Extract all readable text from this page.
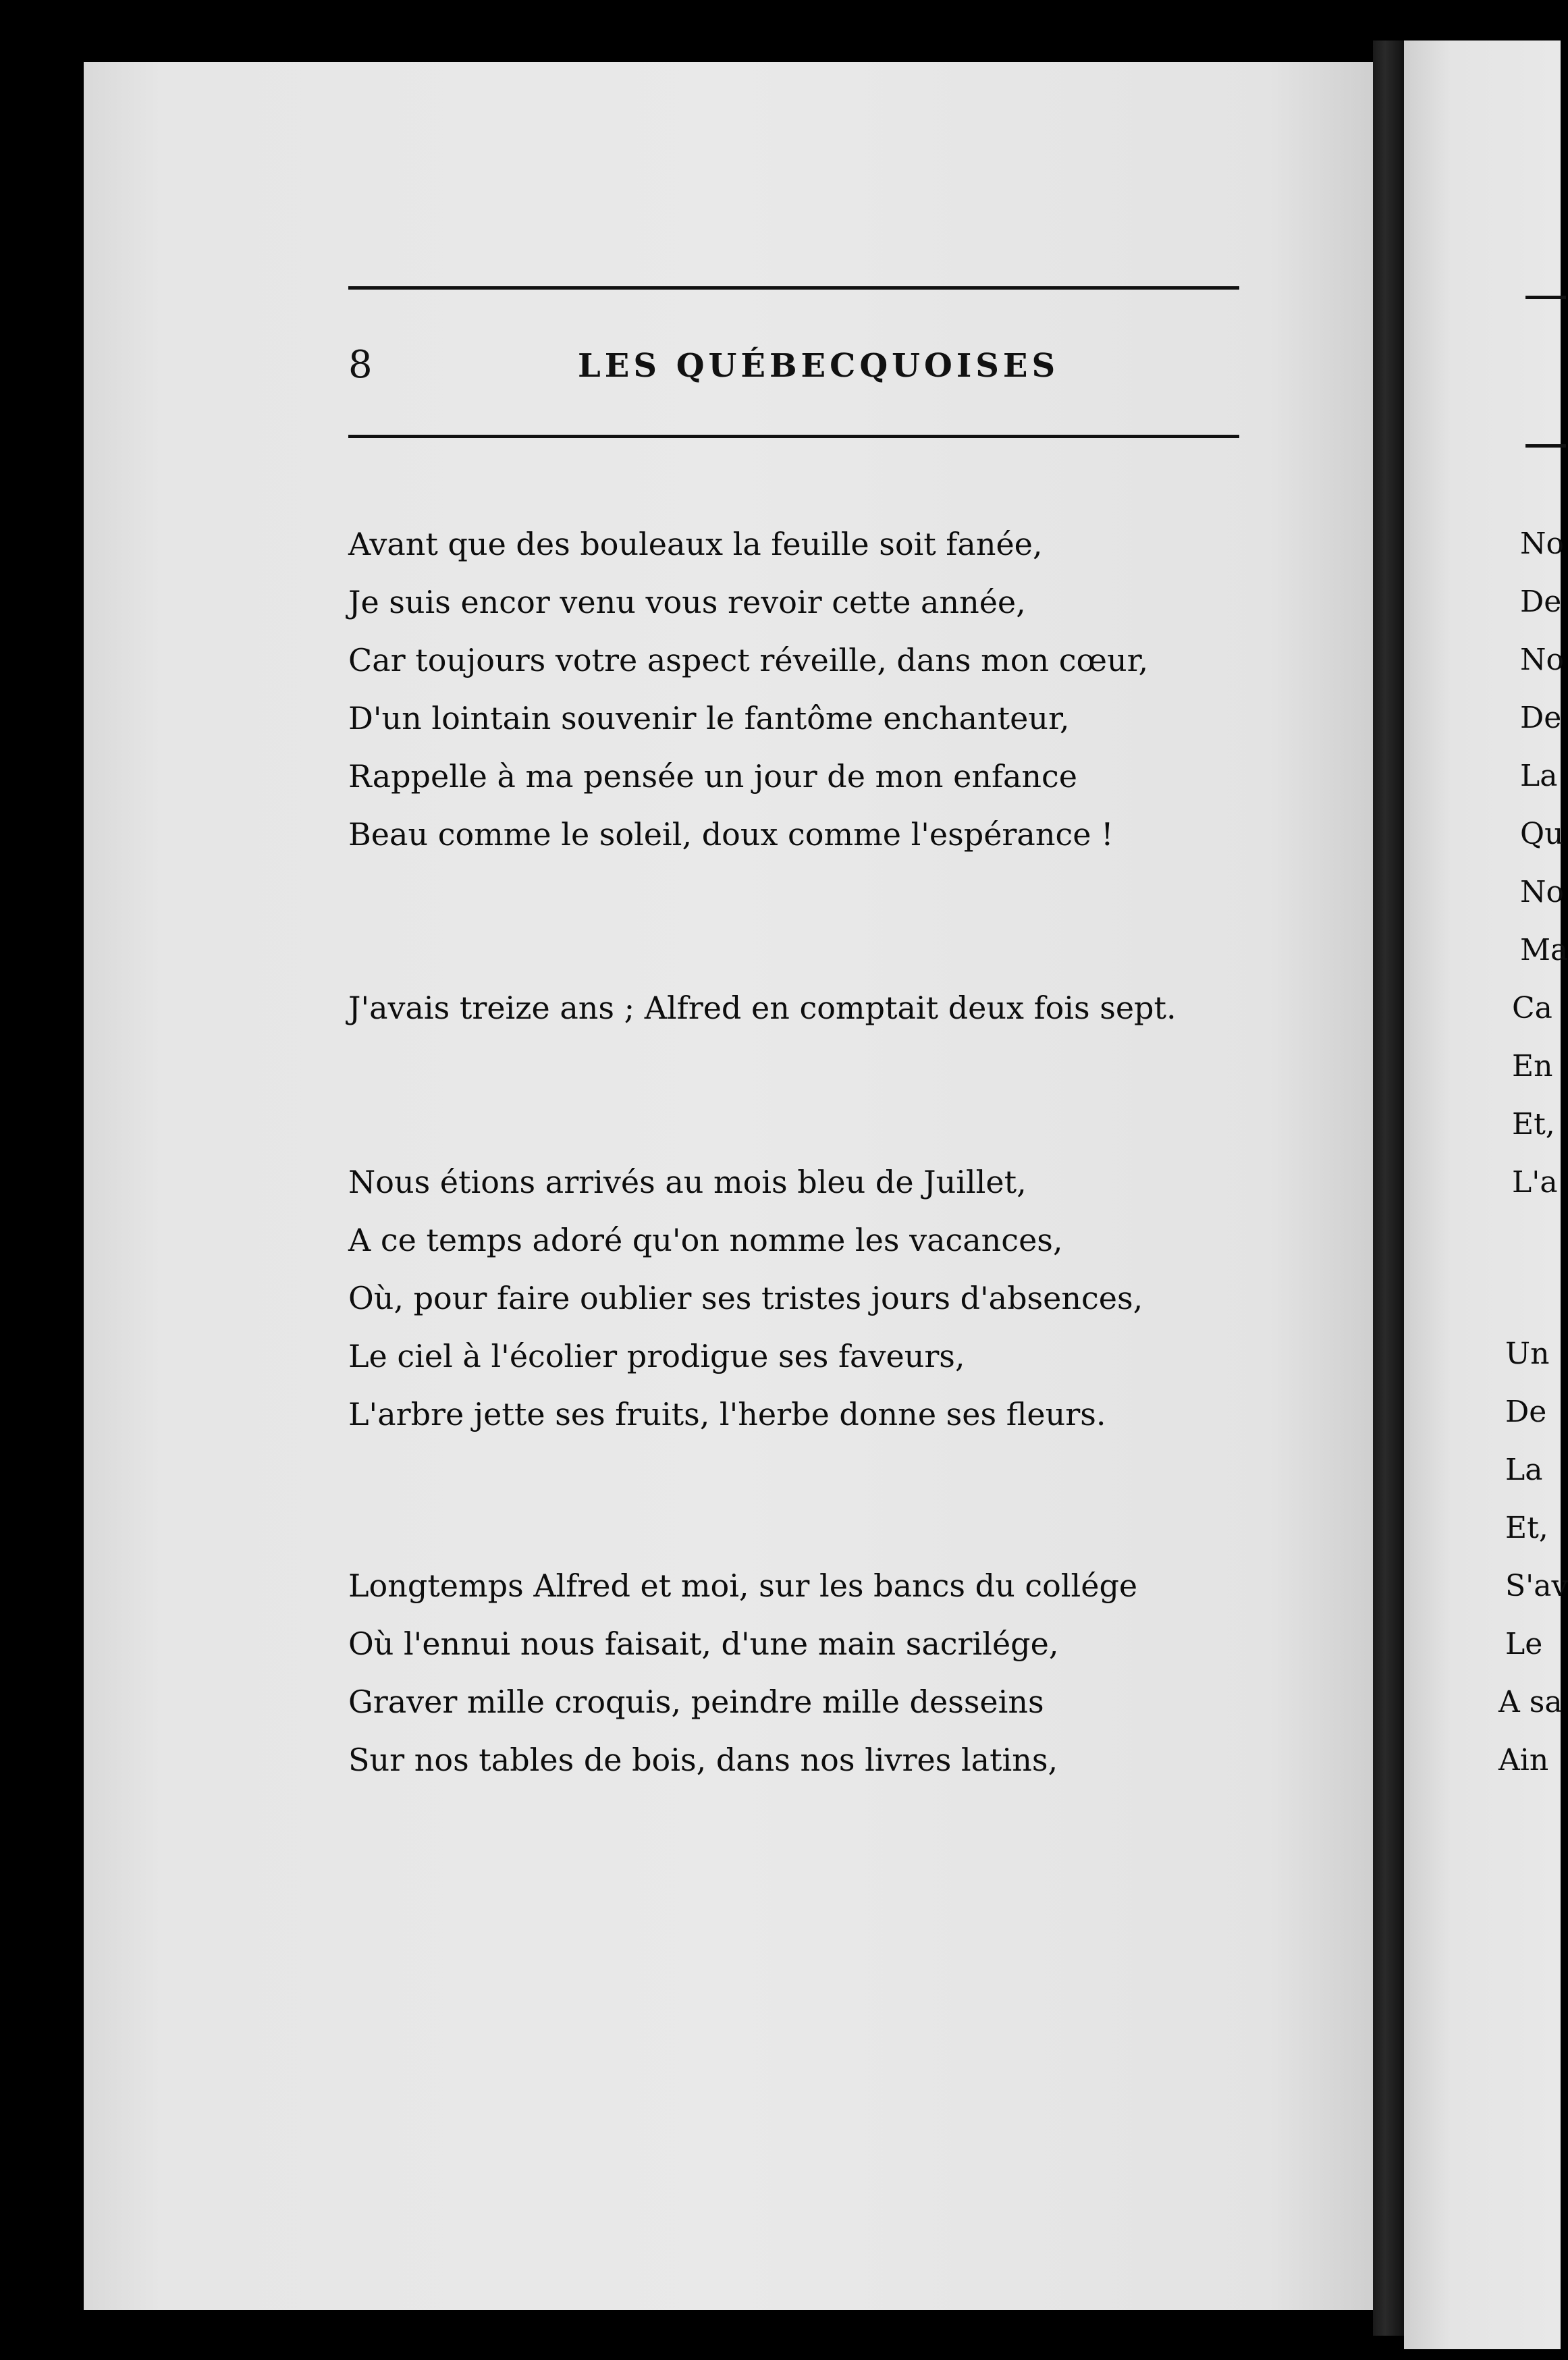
8	LES QUÉBECQUOISES
Avant que des bouleaux la feuille soit fanée,
Je suis encor venu vous revoir cette année,
Car toujours votre aspect réveille, dans mon cœur,
D'un lointain souvenir le fantôme enchanteur,
Rappelle à ma pensée un jour de mon enfance
Beau comme le soleil, doux comme l'espérance !
J'avais treize ans ; Alfred en comptait deux fois sept.
Nous étions arrivés au mois bleu de Juillet,
A ce temps adoré qu'on nomme les vacances,
Où, pour faire oublier ses tristes jours d'absences,
Le ciel à l'écolier prodigue ses faveurs,
L'arbre jette ses fruits, l'herbe donne ses fleurs.
Longtemps Alfred et moi, sur les bancs du collége
Où l'ennui nous faisait, d'une main sacrilége,
Graver mille croquis, peindre mille desseins
Sur nos tables de bois, dans nos livres latins,
No
De
No
De
La
Qu
No
Ma
Ca
En
Et,
L'a
Un
De
La
Et,
S'av
Le
A sa
Ain
